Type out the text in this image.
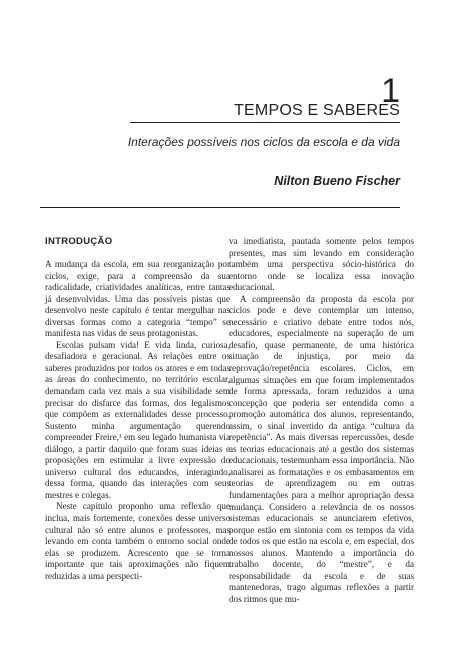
1
TEMPOS E SABERES
Interações possíveis nos ciclos da escola e da vida
Nilton Bueno Fischer
INTRODUÇÃO

A mudança da escola, em sua reorganização por ciclos, exige, para a compreensão da sua radicalidade, criatividades analíticas, entre tantas já desenvolvidas. Uma das possíveis pistas que desenvolvo neste capítulo é tentar mergulhar nas diversas formas como a categoria “tempo” se manifesta nas vidas de seus protagonistas.

Escolas pulsam vida! E vida linda, curiosa, desafiadora e geracional. As relações entre os saberes produzidos por todos os atores e em todas as áreas do conhecimento, no território escolar, demandam cada vez mais a sua visibilidade sem precisar do disfarce das formas, dos legalismos que compõem as externalidades desse processo. Sustento minha argumentação querendo compreender Freire,¹ em seu legado humanista via diálogo, a partir daquilo que foram suas ideias e proposições em estimular a livre expressão do universo cultural dos educandos, interagindo, dessa forma, quando das interações com seus mestres e colegas.

Neste capítulo proponho uma reflexão que inclua, mais fortemente, conexões desse universo cultural não só entre alunos e professores, mas levando em conta também o entorno social onde elas se produzem. Acrescento que se torna importante que tais aproximações não fiquem reduzidas a uma perspecti-

va imediatista, pautada somente pelos tempos presentes, mas sim levando em consideração também uma perspectiva sócio-histórica do entorno onde se localiza essa inovação educacional.

A compreensão da proposta da escola por ciclos pode e deve contemplar um intenso, necessário e criativo debate entre todos nós, educadores, especialmente na superação de um desafio, quase permanente, de uma histórica situação de injustiça, por meio da reprovação/repetência escolares. Ciclos, em algumas situações em que foram implementados de forma apressada, foram reduzidos a uma concepção que poderia ser entendida como a promoção automática dos alunos, representando, assim, o sinal invertido da antiga “cultura da repetência”. As mais diversas repercussões, desde as teorias educacionais até a gestão dos sistemas educacionais, testemunham essa importância. Não analisarei as formatações e os embasamentos em teorias de aprendizagem ou em outras fundamentações para a melhor apropriação dessa mudança. Considero a relevância de os nossos sistemas educacionais se anunciarem efetivos, porque estão em sintonia com os tempos da vida de todos os que estão na escola e, em especial, dos nossos alunos. Mantendo a importância do trabalho docente, do “mestre”, e da responsabilidade da escola e de suas mantenedoras, trago algumas reflexões a partir dos ritmos que mu-
